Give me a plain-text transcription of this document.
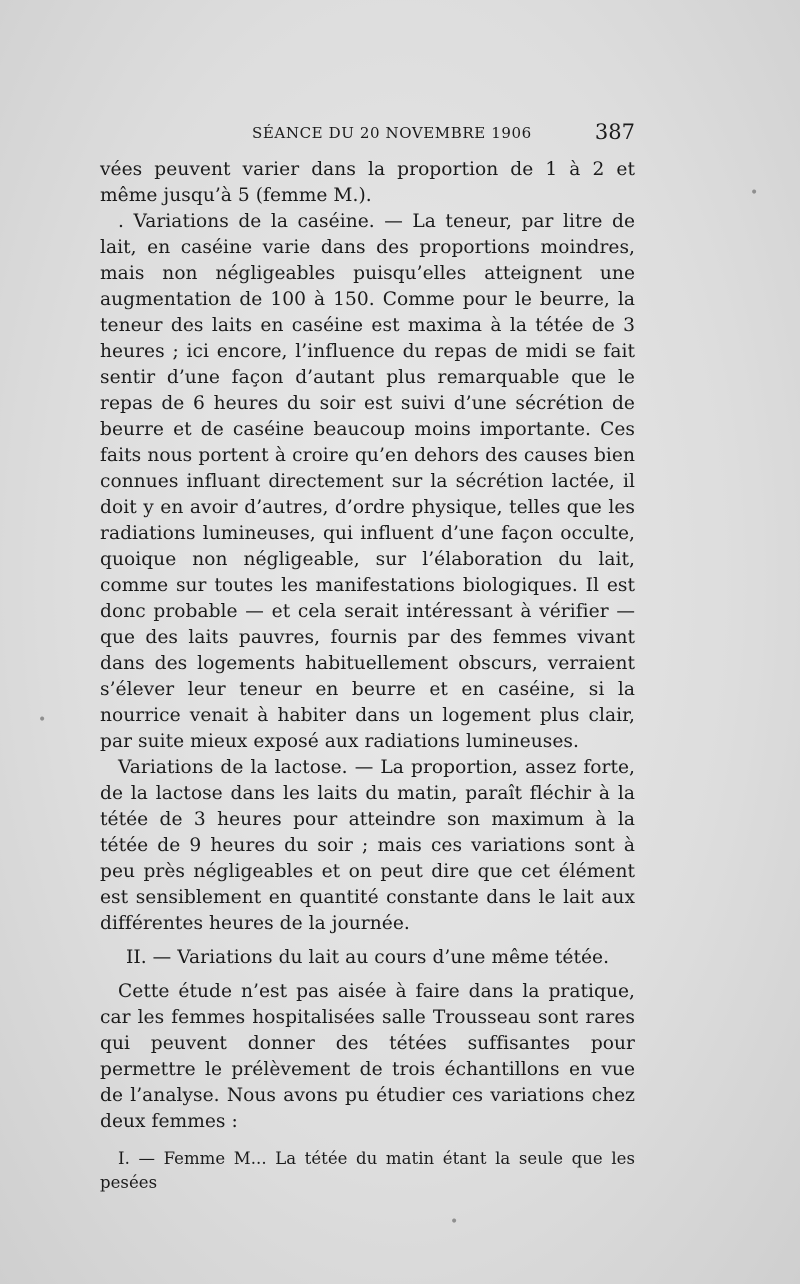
SÉANCE DU 20 NOVEMBRE 1906	387

vées peuvent varier dans la proportion de 1 à 2 et même jusqu’à 5 (femme M.).

. Variations de la caséine. — La teneur, par litre de lait, en caséine varie dans des proportions moindres, mais non négligeables puisqu’elles atteignent une augmentation de 100 à 150. Comme pour le beurre, la teneur des laits en caséine est maxima à la tétée de 3 heures ; ici encore, l’influence du repas de midi se fait sentir d’une façon d’autant plus remarquable que le repas de 6 heures du soir est suivi d’une sécrétion de beurre et de caséine beaucoup moins importante. Ces faits nous portent à croire qu’en dehors des causes bien connues influant directement sur la sécrétion lactée, il doit y en avoir d’autres, d’ordre physique, telles que les radiations lumineuses, qui influent d’une façon occulte, quoique non négligeable, sur l’élaboration du lait, comme sur toutes les manifestations biologiques. Il est donc probable — et cela serait intéressant à vérifier — que des laits pauvres, fournis par des femmes vivant dans des logements habituellement obscurs, verraient s’élever leur teneur en beurre et en caséine, si la nourrice venait à habiter dans un logement plus clair, par suite mieux exposé aux radiations lumineuses.

Variations de la lactose. — La proportion, assez forte, de la lactose dans les laits du matin, paraît fléchir à la tétée de 3 heures pour atteindre son maximum à la tétée de 9 heures du soir ; mais ces variations sont à peu près négligeables et on peut dire que cet élément est sensiblement en quantité constante dans le lait aux différentes heures de la journée.

II. — Variations du lait au cours d’une même tétée.

Cette étude n’est pas aisée à faire dans la pratique, car les femmes hospitalisées salle Trousseau sont rares qui peuvent donner des tétées suffisantes pour permettre le prélèvement de trois échantillons en vue de l’analyse. Nous avons pu étudier ces variations chez deux femmes :

I. — Femme M... La tétée du matin étant la seule que les pesées

•
•
•
